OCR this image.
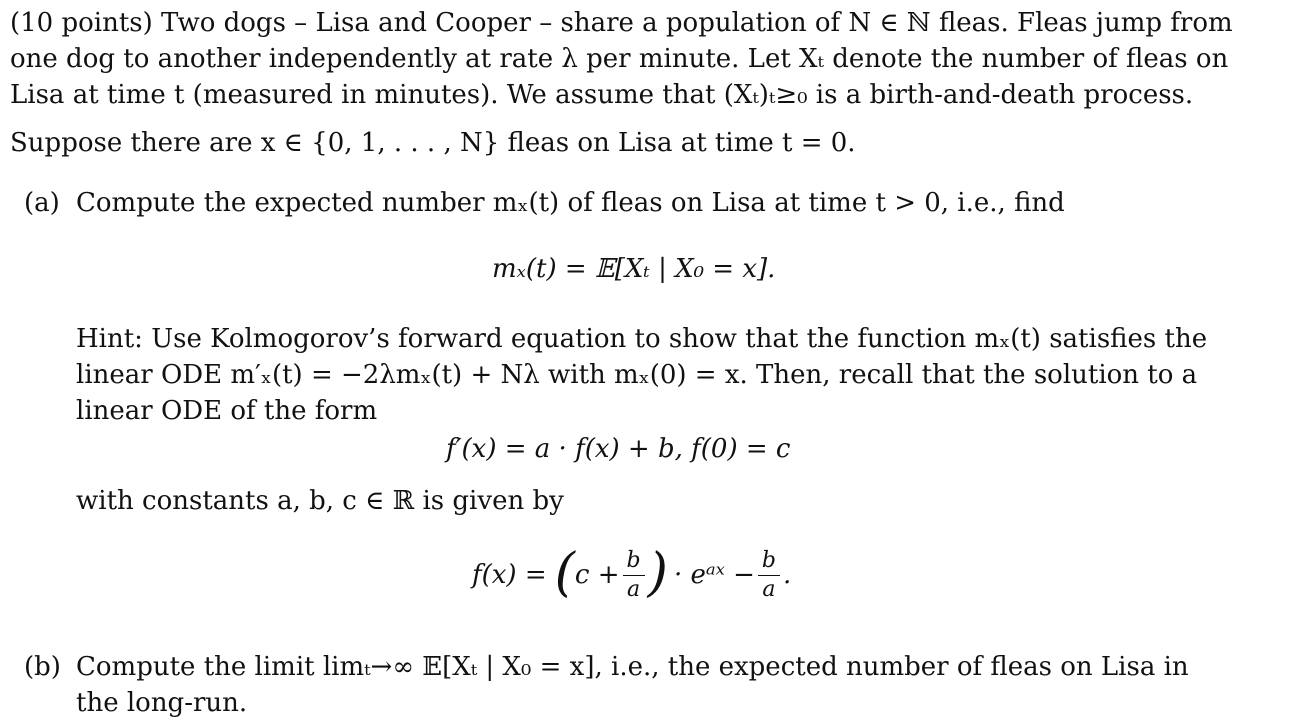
(10 points) Two dogs – Lisa and Cooper – share a population of N ∈ ℕ fleas. Fleas jump from
one dog to another independently at rate λ per minute. Let Xₜ denote the number of fleas on
Lisa at time t (measured in minutes). We assume that (Xₜ)ₜ≥₀ is a birth-and-death process.
Suppose there are x ∈ {0, 1, . . . , N} fleas on Lisa at time t = 0.
(a) Compute the expected number mₓ(t) of fleas on Lisa at time t > 0, i.e., find
mₓ(t) = 𝔼[Xₜ | X₀ = x].
Hint: Use Kolmogorov’s forward equation to show that the function mₓ(t) satisfies the
linear ODE m′ₓ(t) = −2λmₓ(t) + Nλ with mₓ(0) = x. Then, recall that the solution to a
linear ODE of the form
f′(x) = a · f(x) + b, f(0) = c
with constants a, b, c ∈ ℝ is given by
f(x) = ( $c + \frac{b}{a}$ ) · eᵃˣ − $\frac{b}{a}$ .
(b) Compute the limit limₜ→∞ 𝔼[Xₜ | X₀ = x], i.e., the expected number of fleas on Lisa in
the long-run.
